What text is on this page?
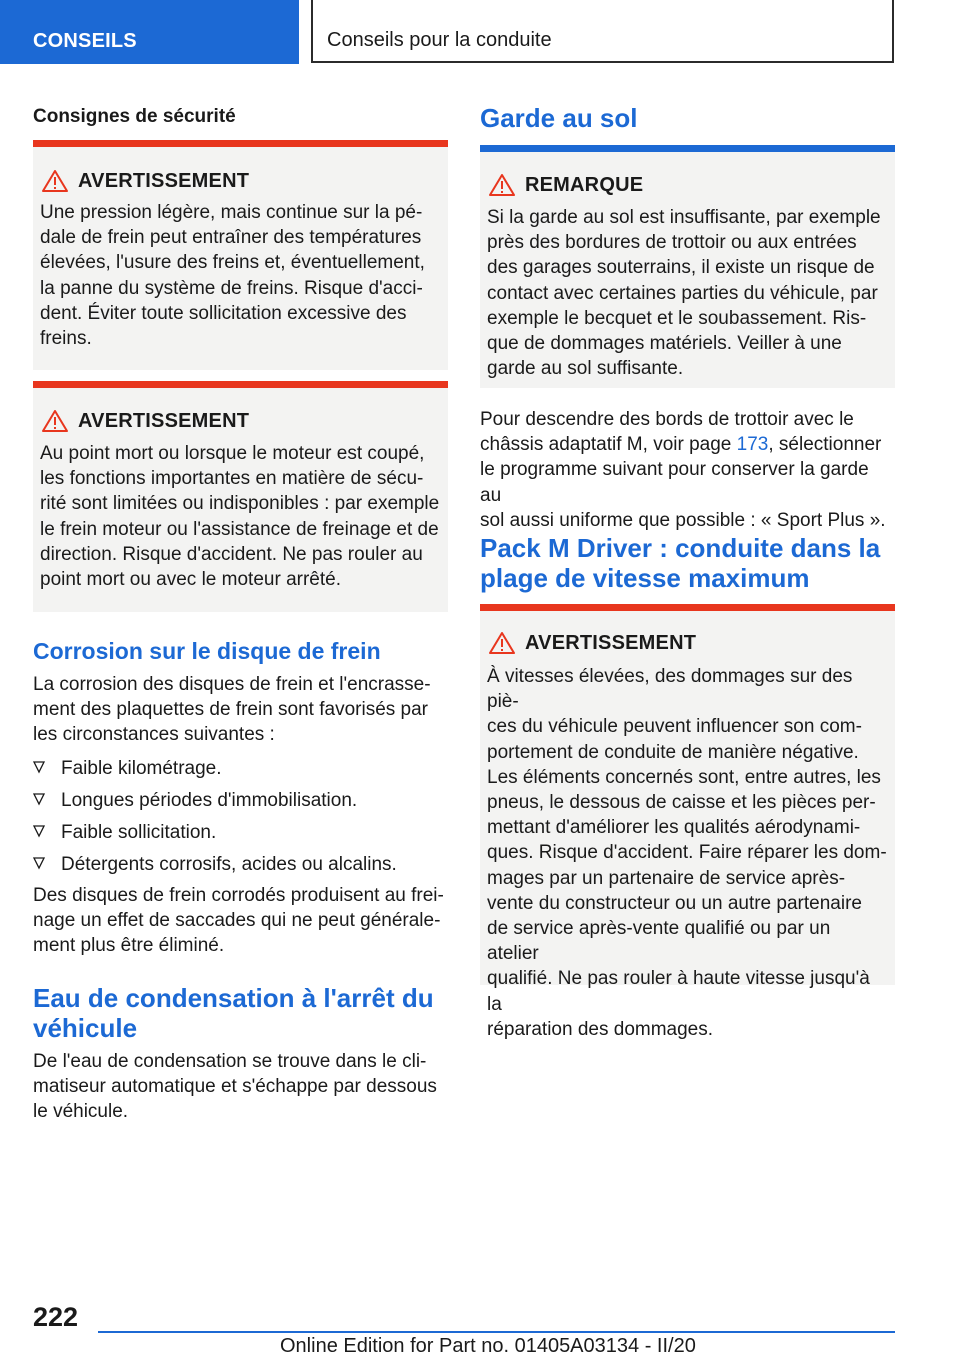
CONSEILS	Conseils pour la conduite
Consignes de sécurité
AVERTISSEMENT
Une pression légère, mais continue sur la pé-
dale de frein peut entraîner des températures
élevées, l'usure des freins et, éventuellement,
la panne du système de freins. Risque d'acci-
dent. Éviter toute sollicitation excessive des
freins.
AVERTISSEMENT
Au point mort ou lorsque le moteur est coupé,
les fonctions importantes en matière de sécu-
rité sont limitées ou indisponibles : par exemple
le frein moteur ou l'assistance de freinage et de
direction. Risque d'accident. Ne pas rouler au
point mort ou avec le moteur arrêté.
Corrosion sur le disque de frein
La corrosion des disques de frein et l'encrasse-
ment des plaquettes de frein sont favorisés par
les circonstances suivantes :
Faible kilométrage.
Longues périodes d'immobilisation.
Faible sollicitation.
Détergents corrosifs, acides ou alcalins.
Des disques de frein corrodés produisent au frei-
nage un effet de saccades qui ne peut générale-
ment plus être éliminé.
Eau de condensation à l'arrêt du
véhicule
De l'eau de condensation se trouve dans le cli-
matiseur automatique et s'échappe par dessous
le véhicule.
Garde au sol
REMARQUE
Si la garde au sol est insuffisante, par exemple
près des bordures de trottoir ou aux entrées
des garages souterrains, il existe un risque de
contact avec certaines parties du véhicule, par
exemple le becquet et le soubassement. Ris-
que de dommages matériels. Veiller à une
garde au sol suffisante.
Pour descendre des bords de trottoir avec le
châssis adaptatif M, voir page 173, sélectionner
le programme suivant pour conserver la garde au
sol aussi uniforme que possible : « Sport Plus ».
Pack M Driver : conduite dans la
plage de vitesse maximum
AVERTISSEMENT
À vitesses élevées, des dommages sur des piè-
ces du véhicule peuvent influencer son com-
portement de conduite de manière négative.
Les éléments concernés sont, entre autres, les
pneus, le dessous de caisse et les pièces per-
mettant d'améliorer les qualités aérodynami-
ques. Risque d'accident. Faire réparer les dom-
mages par un partenaire de service après-
vente du constructeur ou un autre partenaire
de service après-vente qualifié ou par un atelier
qualifié. Ne pas rouler à haute vitesse jusqu'à la
réparation des dommages.
222
Online Edition for Part no. 01405A03134 - II/20
